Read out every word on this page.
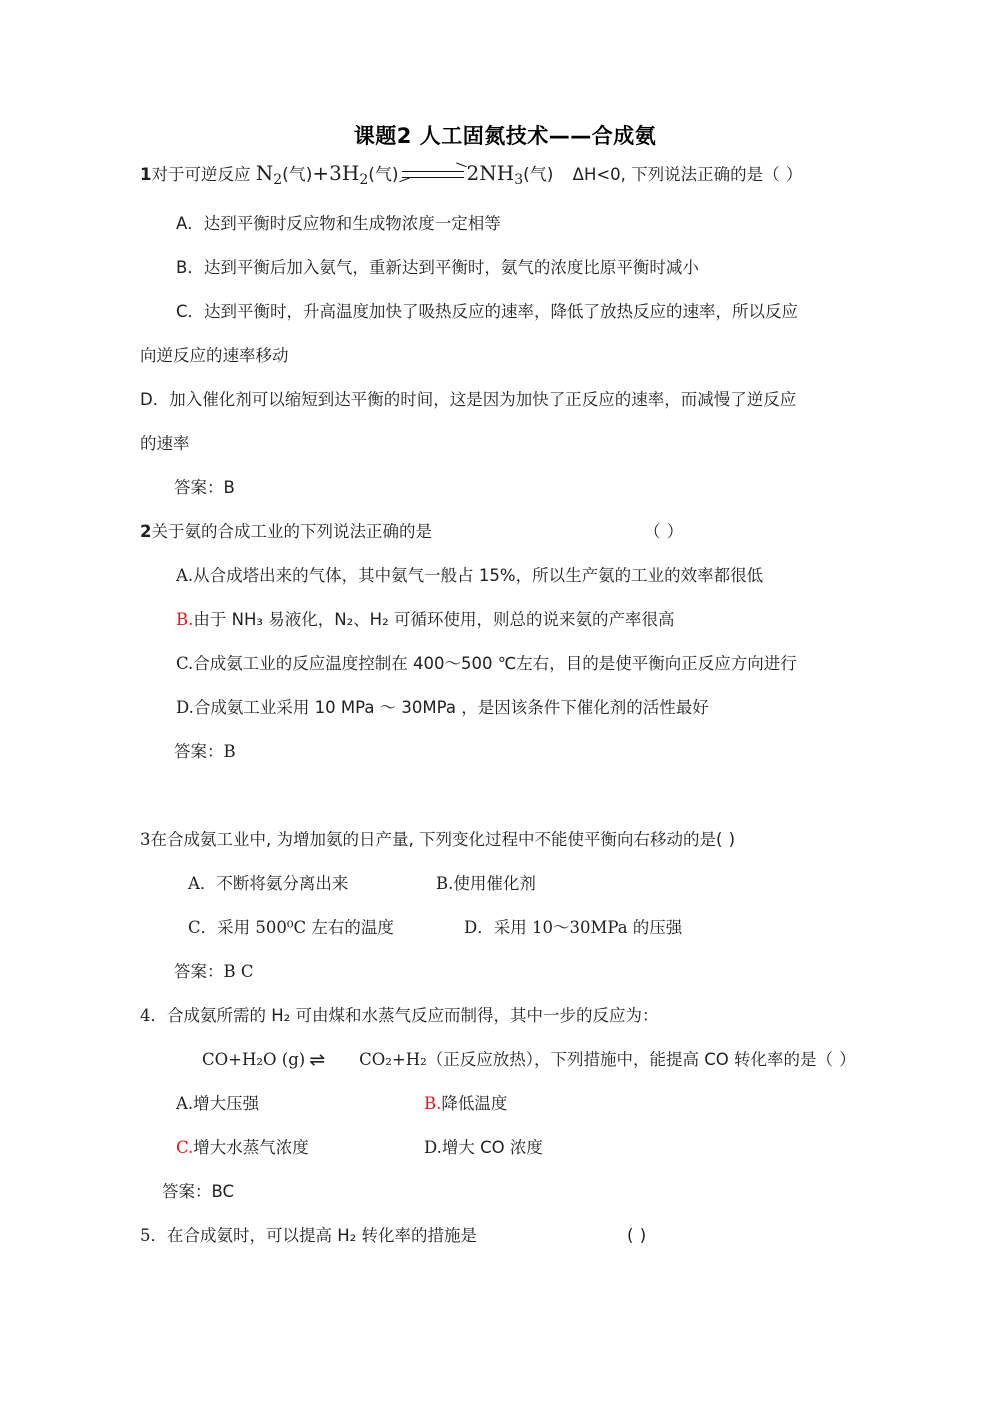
课题2 人工固氮技术——合成氨
1对于可逆反应 $N_2$(气)$+3H_2$(气) ⇌ $2NH_3$(气) ΔH<0, 下列说法正确的是（ ）
A．达到平衡时反应物和生成物浓度一定相等
B．达到平衡后加入氨气，重新达到平衡时，氨气的浓度比原平衡时减小
C．达到平衡时，升高温度加快了吸热反应的速率，降低了放热反应的速率，所以反应
向逆反应的速率移动
D．加入催化剂可以缩短到达平衡的时间，这是因为加快了正反应的速率，而减慢了逆反应
的速率
答案：B
2关于氨的合成工业的下列说法正确的是	（ ）
A.从合成塔出来的气体，其中氨气一般占 15%，所以生产氨的工业的效率都很低
B.由于 NH₃ 易液化，N₂、H₂ 可循环使用，则总的说来氨的产率很高
C.合成氨工业的反应温度控制在 400～500 ℃左右，目的是使平衡向正反应方向进行
D.合成氨工业采用 10 MPa ～ 30MPa ，是因该条件下催化剂的活性最好
答案：B
3在合成氨工业中, 为增加氨的日产量, 下列变化过程中不能使平衡向右移动的是( )
A．不断将氨分离出来	B.使用催化剂
C．采用 500⁰C 左右的温度	D．采用 10～30MPa 的压强
答案：B C
4．合成氨所需的 H₂ 可由煤和水蒸气反应而制得，其中一步的反应为：
CO+H₂O (g) ⇌ CO₂+H₂（正反应放热），下列措施中，能提高 CO 转化率的是（ ）
A.增大压强	B.降低温度
C.增大水蒸气浓度	D.增大 CO 浓度
答案：BC
5．在合成氨时，可以提高 H₂ 转化率的措施是	( )
